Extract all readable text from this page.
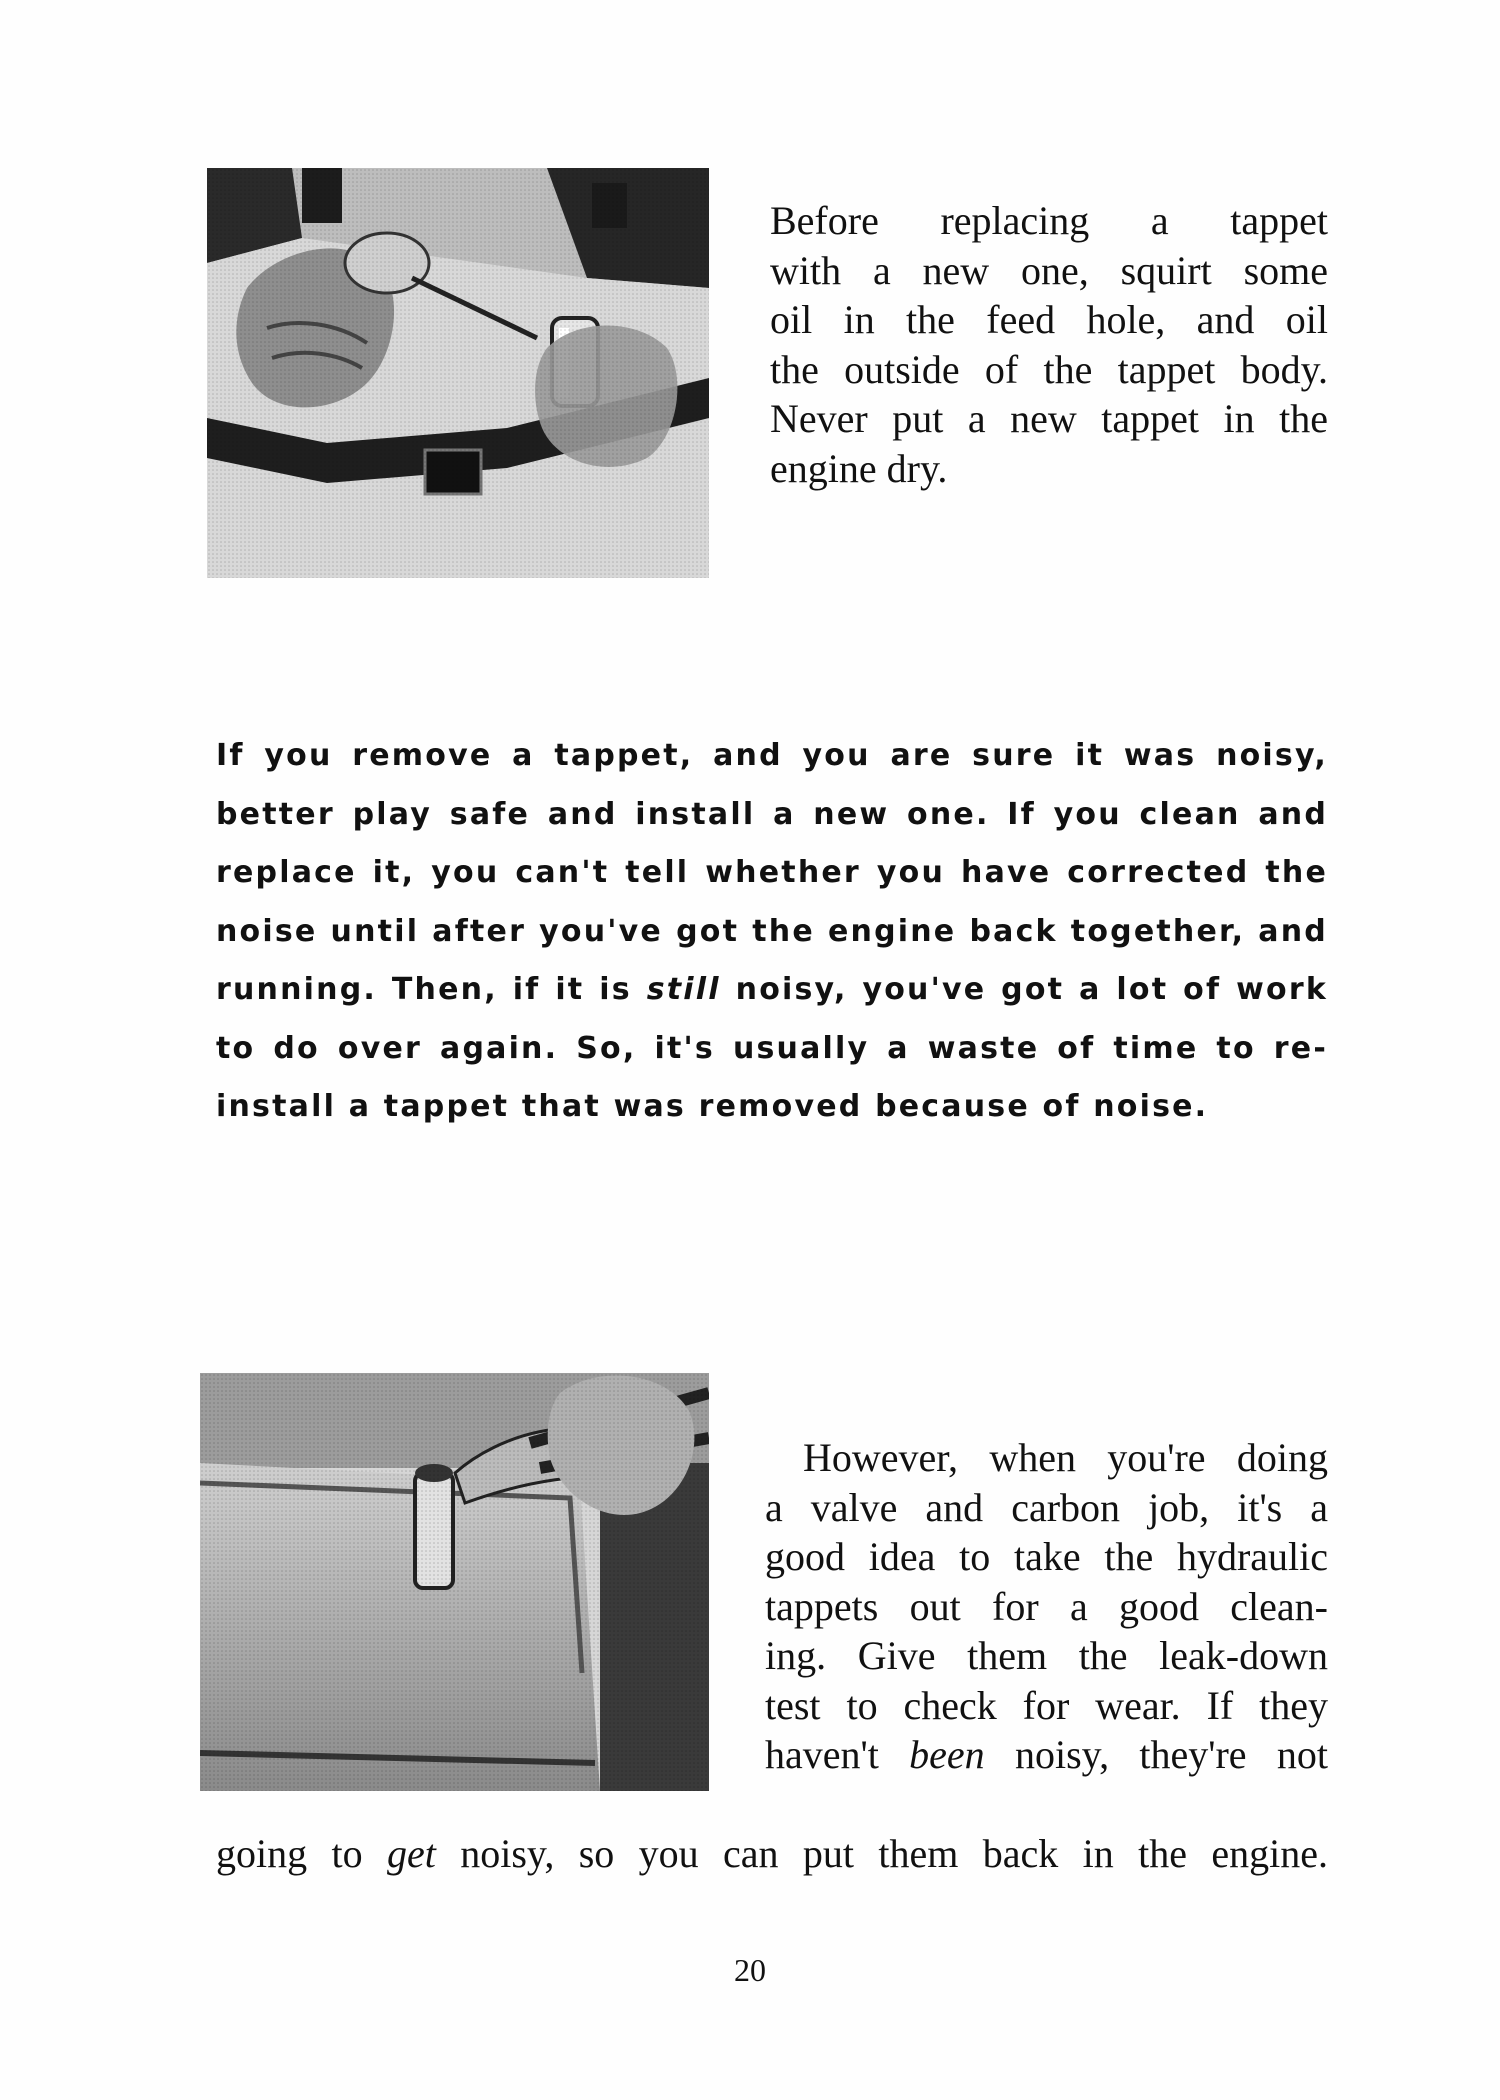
Before replacing a tappet
with a new one, squirt some
oil in the feed hole, and oil
the outside of the tappet body.
Never put a new tappet in the
engine dry.
If you remove a tappet, and you are sure it was noisy,
better play safe and install a new one. If you clean and
replace it, you can't tell whether you have corrected the
noise until after you've got the engine back together, and
running. Then, if it is still noisy, you've got a lot of work
to do over again. So, it's usually a waste of time to re-
install a tappet that was removed because of noise.
However, when you're doing
a valve and carbon job, it's a
good idea to take the hydraulic
tappets out for a good clean-
ing. Give them the leak-down
test to check for wear. If they
haven't been noisy, they're not
going to get noisy, so you can put them back in the engine.
20
